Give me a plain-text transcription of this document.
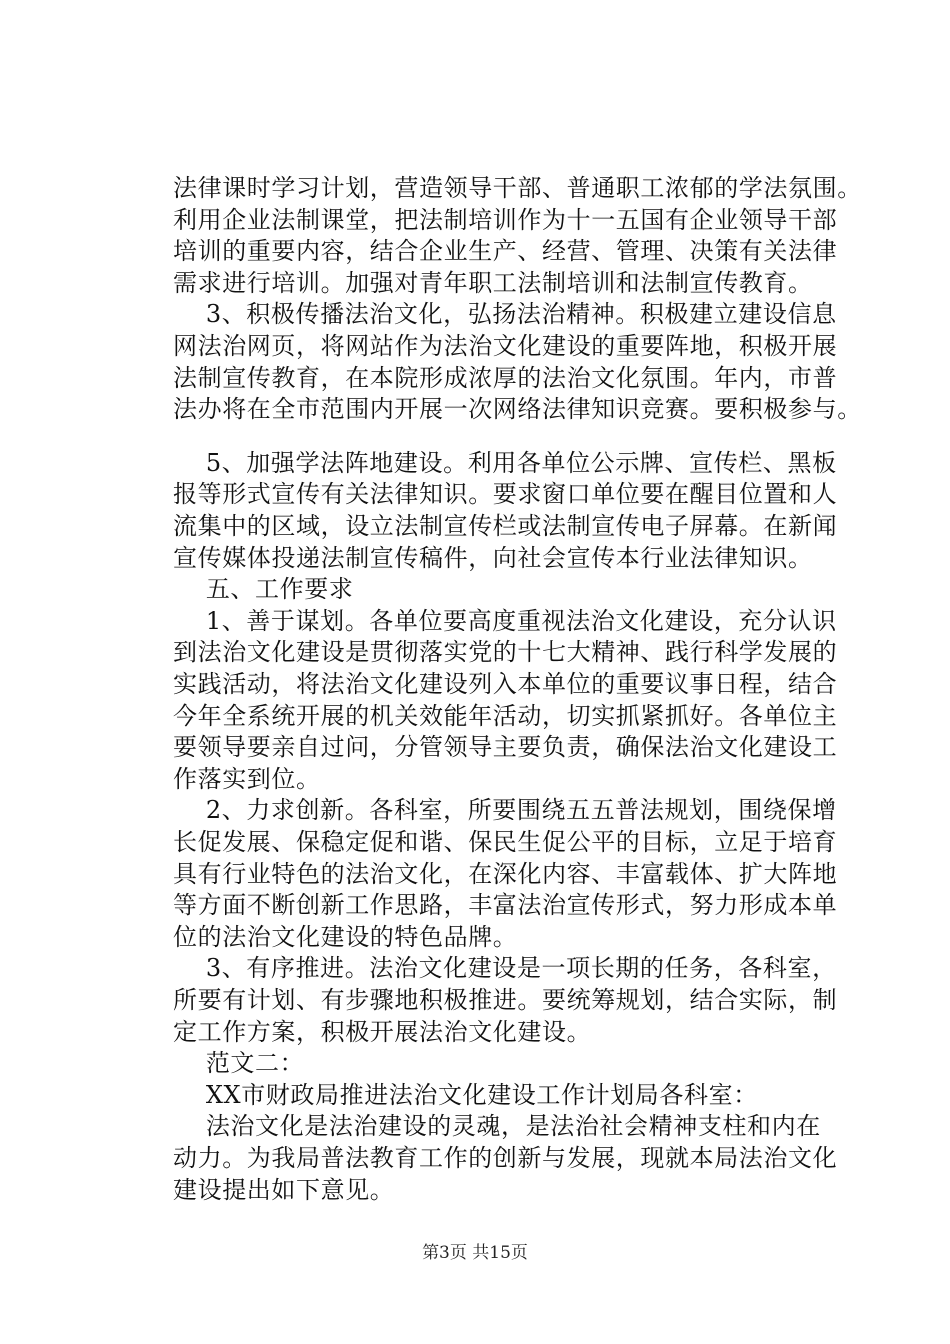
法律课时学习计划，营造领导干部、普通职工浓郁的学法氛围。
利用企业法制课堂，把法制培训作为十一五国有企业领导干部
培训的重要内容，结合企业生产、经营、管理、决策有关法律
需求进行培训。加强对青年职工法制培训和法制宣传教育。
　 3、积极传播法治文化，弘扬法治精神。积极建立建设信息
网法治网页，将网站作为法治文化建设的重要阵地，积极开展
法制宣传教育，在本院形成浓厚的法治文化氛围。年内，市普
法办将在全市范围内开展一次网络法律知识竞赛。要积极参与。
　 5、加强学法阵地建设。利用各单位公示牌、宣传栏、黑板
报等形式宣传有关法律知识。要求窗口单位要在醒目位置和人
流集中的区域，设立法制宣传栏或法制宣传电子屏幕。在新闻
宣传媒体投递法制宣传稿件，向社会宣传本行业法律知识。
　 五、工作要求
　 1、善于谋划。各单位要高度重视法治文化建设，充分认识
到法治文化建设是贯彻落实党的十七大精神、践行科学发展的
实践活动，将法治文化建设列入本单位的重要议事日程，结合
今年全系统开展的机关效能年活动，切实抓紧抓好。各单位主
要领导要亲自过问，分管领导主要负责，确保法治文化建设工
作落实到位。
　 2、力求创新。各科室，所要围绕五五普法规划，围绕保增
长促发展、保稳定促和谐、保民生促公平的目标，立足于培育
具有行业特色的法治文化，在深化内容、丰富载体、扩大阵地
等方面不断创新工作思路，丰富法治宣传形式，努力形成本单
位的法治文化建设的特色品牌。
　 3、有序推进。法治文化建设是一项长期的任务，各科室，
所要有计划、有步骤地积极推进。要统筹规划，结合实际，制
定工作方案，积极开展法治文化建设。
　 范文二：
　 XX市财政局推进法治文化建设工作计划局各科室：
　 法治文化是法治建设的灵魂，是法治社会精神支柱和内在
动力。为我局普法教育工作的创新与发展，现就本局法治文化
建设提出如下意见。
第3页 共15页
